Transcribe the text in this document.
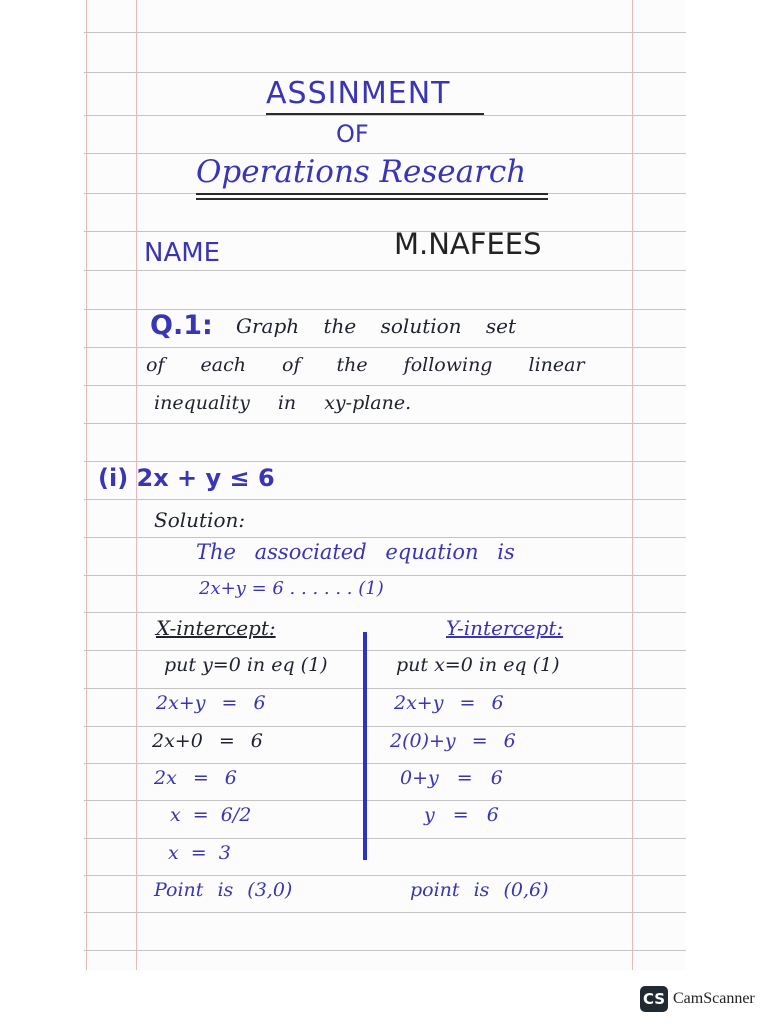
ASSINMENT
OF
Operations Research
NAME	M.NAFEES
Q.1: Graph the solution set
of each of the following linear
inequality in xy-plane.
(i) 2x + y ≤ 6
Solution:
The associated equation is
2x+y = 6 . . . . . . (1)
X-intercept:	Y-intercept:
put y=0 in eq (1)
2x+y = 6
2x+0 = 6
2x = 6
x = 6/2
x = 3
Point is (3,0)
put x=0 in eq (1)
2x+y = 6
2(0)+y = 6
0+y = 6
y = 6
point is (0,6)
CS CamScanner
